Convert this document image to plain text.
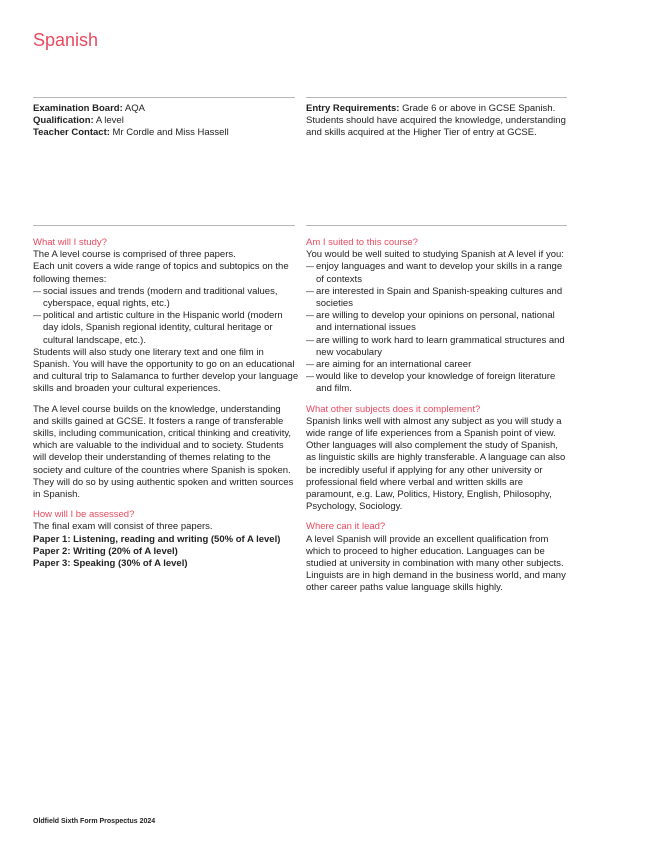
Spanish

Examination Board: AQA

Qualification: A level

Teacher Contact: Mr Cordle and Miss Hassell

Entry Requirements: Grade 6 or above in GCSE Spanish. Students should have acquired the knowledge, understanding and skills acquired at the Higher Tier of entry at GCSE.

What will I study?

The A level course is comprised of three papers.

Each unit covers a wide range of topics and subtopics on the following themes:

— social issues and trends (modern and traditional values, cyberspace, equal rights, etc.)
— political and artistic culture in the Hispanic world (modern day idols, Spanish regional identity, cultural heritage or cultural landscape, etc.).

Students will also study one literary text and one film in Spanish. You will have the opportunity to go on an educational and cultural trip to Salamanca to further develop your language skills and broaden your cultural experiences.

The A level course builds on the knowledge, understanding and skills gained at GCSE. It fosters a range of transferable skills, including communication, critical thinking and creativity, which are valuable to the individual and to society. Students will develop their understanding of themes relating to the society and culture of the countries where Spanish is spoken. They will do so by using authentic spoken and written sources in Spanish.

How will I be assessed?

The final exam will consist of three papers.

Paper 1: Listening, reading and writing (50% of A level)

Paper 2: Writing (20% of A level)

Paper 3: Speaking (30% of A level)

Am I suited to this course?

You would be well suited to studying Spanish at A level if you:

— enjoy languages and want to develop your skills in a range of contexts
— are interested in Spain and Spanish-speaking cultures and societies
— are willing to develop your opinions on personal, national and international issues
— are willing to work hard to learn grammatical structures and new vocabulary
— are aiming for an international career
— would like to develop your knowledge of foreign literature and film.
What other subjects does it complement?

Spanish links well with almost any subject as you will study a wide range of life experiences from a Spanish point of view. Other languages will also complement the study of Spanish, as linguistic skills are highly transferable. A language can also be incredibly useful if applying for any other university or professional field where verbal and written skills are paramount, e.g. Law, Politics, History, English, Philosophy, Psychology, Sociology.

Where can it lead?

A level Spanish will provide an excellent qualification from which to proceed to higher education. Languages can be studied at university in combination with many other subjects. Linguists are in high demand in the business world, and many other career paths value language skills highly.

Oldfield Sixth Form Prospectus 2024
